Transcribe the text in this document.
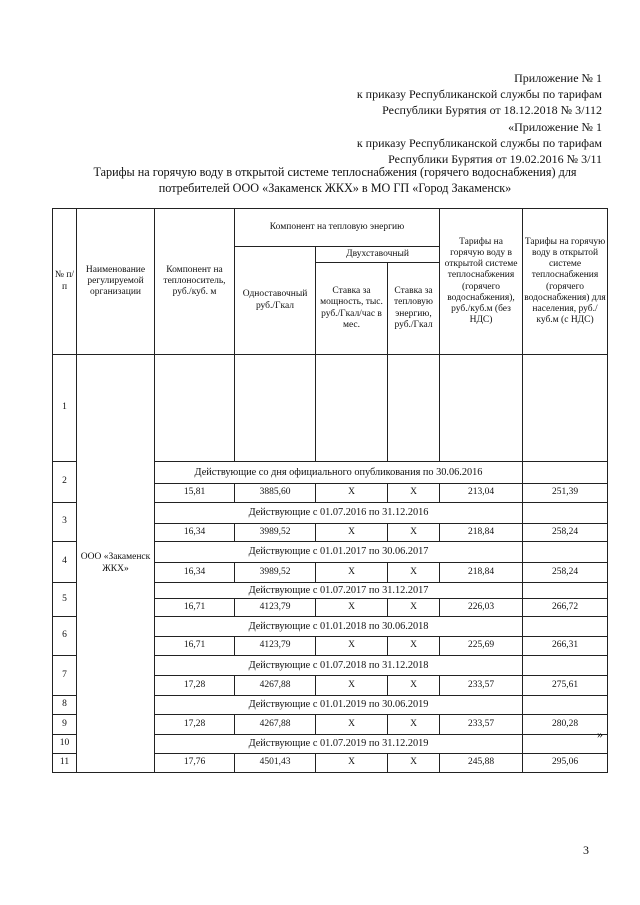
Приложение № 1
к приказу Республиканской службы по тарифам
Республики Бурятия от 18.12.2018 № 3/112
«Приложение № 1
к приказу Республиканской службы по тарифам
Республики Бурятия от 19.02.2016 № 3/11
Тарифы на горячую воду в открытой системе теплоснабжения (горячего водоснабжения) для
потребителей ООО «Закаменск ЖКХ» в МО ГП «Город Закаменск»
№ п/п	Наименование регулируемой организации	Компонент на теплоноситель, руб./куб. м	Компонент на тепловую энергию			Тарифы на горячую воду в открытой системе теплоснабжения (горячего водоснабжения), руб./куб.м (без НДС)	Тарифы на горячую воду в открытой системе теплоснабжения (горячего водоснабжения) для населения, руб./куб.м (с НДС)
			Одноставочный руб./Гкал	Двухставочный			
				Ставка за мощность, тыс. руб./Гкал/час в мес.	Ставка за тепловую энергию, руб./Гкал		
1	ООО «Закаменск ЖКХ»						
2		Действующие со дня официального опубликования по 30.06.2016					
		15,81	3885,60	X	X	213,04	251,39
3		Действующие с 01.07.2016 по 31.12.2016					
		16,34	3989,52	X	X	218,84	258,24
4		Действующие с 01.01.2017 по 30.06.2017					
		16,34	3989,52	X	X	218,84	258,24
5		Действующие с 01.07.2017 по 31.12.2017					
		16,71	4123,79	X	X	226,03	266,72
6		Действующие с 01.01.2018 по 30.06.2018					
		16,71	4123,79	X	X	225,69	266,31
7		Действующие с 01.07.2018 по 31.12.2018					
		17,28	4267,88	X	X	233,57	275,61
8		Действующие с 01.01.2019 по 30.06.2019					
9		17,28	4267,88	X	X	233,57	280,28
10		Действующие с 01.07.2019 по 31.12.2019					
11		17,76	4501,43	X	X	245,88	295,06
»
3
